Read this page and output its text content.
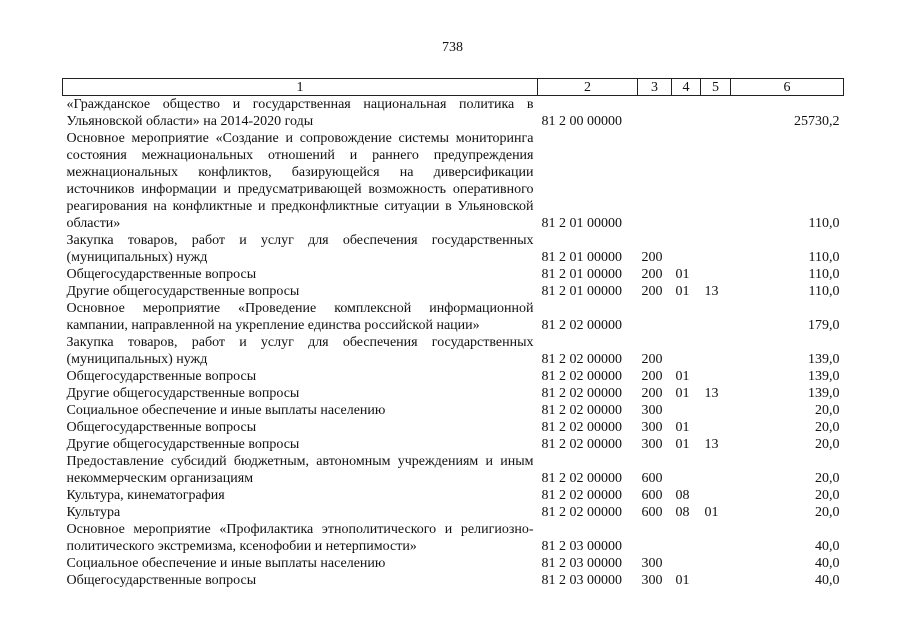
738
1	2	3	4	5	6
«Гражданское общество и государственная национальная политика в Ульяновской области» на 2014-2020 годы	81 2 00 00000				25730,2
Основное мероприятие «Создание и сопровождение системы мониторинга состояния межнациональных отношений и раннего предупреждения межнациональных конфликтов, базирующейся на диверсификации источников информации и предусматривающей возможность оперативного реагирования на конфликтные и предконфликтные ситуации в Ульяновской области»	81 2 01 00000				110,0
Закупка товаров, работ и услуг для обеспечения государственных (муниципальных) нужд	81 2 01 00000	200			110,0
Общегосударственные вопросы	81 2 01 00000	200	01		110,0
Другие общегосударственные вопросы	81 2 01 00000	200	01	13	110,0
Основное мероприятие «Проведение комплексной информационной кампании, направленной на укрепление единства российской нации»	81 2 02 00000				179,0
Закупка товаров, работ и услуг для обеспечения государственных (муниципальных) нужд	81 2 02 00000	200			139,0
Общегосударственные вопросы	81 2 02 00000	200	01		139,0
Другие общегосударственные вопросы	81 2 02 00000	200	01	13	139,0
Социальное обеспечение и иные выплаты населению	81 2 02 00000	300			20,0
Общегосударственные вопросы	81 2 02 00000	300	01		20,0
Другие общегосударственные вопросы	81 2 02 00000	300	01	13	20,0
Предоставление субсидий бюджетным, автономным учреждениям и иным некоммерческим организациям	81 2 02 00000	600			20,0
Культура, кинематография	81 2 02 00000	600	08		20,0
Культура	81 2 02 00000	600	08	01	20,0
Основное мероприятие «Профилактика этнополитического и религиозно-политического экстремизма, ксенофобии и нетерпимости»	81 2 03 00000				40,0
Социальное обеспечение и иные выплаты населению	81 2 03 00000	300			40,0
Общегосударственные вопросы	81 2 03 00000	300	01		40,0
